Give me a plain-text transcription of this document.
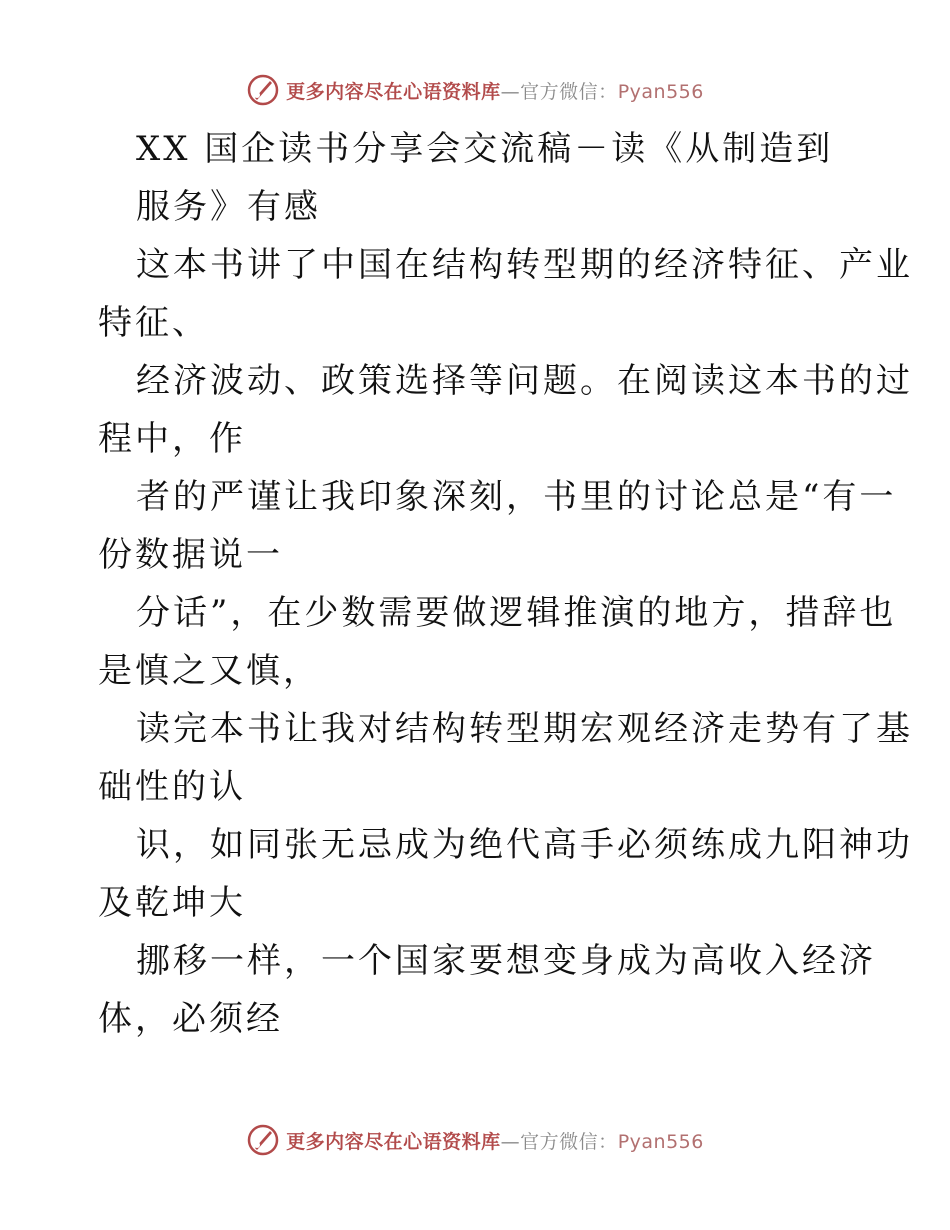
更多内容尽在心语资料库—官方微信：Pyan556
XX 国企读书分享会交流稿－读《从制造到
服务》有感
这本书讲了中国在结构转型期的经济特征、产业
特征、
经济波动、政策选择等问题。在阅读这本书的过
程中，作
者的严谨让我印象深刻，书里的讨论总是“有一
份数据说一
分话”，在少数需要做逻辑推演的地方，措辞也
是慎之又慎，
读完本书让我对结构转型期宏观经济走势有了基
础性的认
识，如同张无忌成为绝代高手必须练成九阳神功
及乾坤大
挪移一样，一个国家要想变身成为高收入经济
体，必须经
更多内容尽在心语资料库—官方微信：Pyan556
